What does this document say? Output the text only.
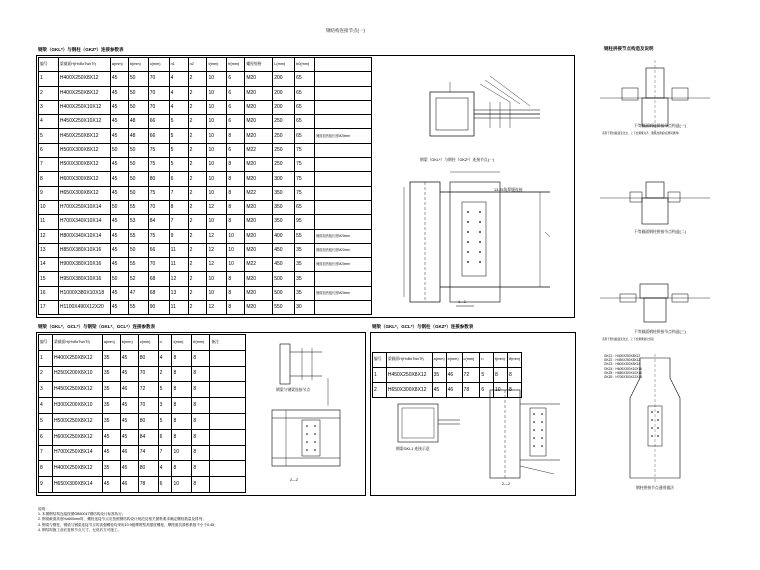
钢结构连接节点(一)
钢梁（GKL*）与钢柱（GKZ*）连接参数表
编号	梁截面H(HxBxTwxTf)	a(mm)	b(mm)	c(mm)	n1	n2	t(mm)	tf(mm)	螺栓规格	L(mm)	b0(mm)	
1	H400X250X8X12	45	50	70	4	2	10	6	M20	200	65	
2	H400X250X8X12	45	50	70	4	2	10	6	M20	200	65	
3	H400X250X10X12	45	50	70	4	2	10	6	M20	200	65	
4	H450X250X10X12	45	48	66	5	2	10	6	M20	250	65	
5	H450X250X8X12	45	48	66	5	2	10	8	M20	250	65	侧面加劲板长度M20mm
6	H500X300X8X12	50	50	75	5	2	10	6	M22	250	75	
7	H500X300X8X12	45	50	75	5	2	10	8	M20	250	75	
8	H600X300X8X12	45	50	80	6	2	10	8	M20	300	75	
9	H650X300X8X12	45	50	75	7	2	10	8	M22	350	75	
10	H700X250X10X14	50	55	70	8	2	12	8	M20	350	65	
11	H700X340X10X14	45	53	84	7	2	10	8	M20	350	95	
12	H800X340X10X14	45	55	75	9	2	12	10	M20	400	55	侧面加劲板长度M20mm
13	H850X380X10X16	45	50	66	11	2	12	10	M20	450	35	侧面加劲板长度M22mm
14	H900X380X10X16	45	55	70	11	2	12	10	M22	450	35	侧面加劲板长度M20mm
15	H950X380X10X16	50	52	68	12	2	10	8	M20	500	35	
16	H1000X380X10X18	45	47	68	13	2	10	8	M20	500	35	侧面加劲板长度M20mm
17	H1100X490X12X20	45	55	90	11	2	12	8	M20	550	30	
钢梁（GKL*）与钢柱（GKZ*）连接节点(一)
13.25角焊缝连接
1—1
钢梁（GKL*、GCL*）与钢梁（GKL*、GCL*）连接参数表
编号	梁截面H(HxBxTwxTf)	a(mm)	b(mm)	c(mm)	n	t(mm)	tf(mm)	备注
1	H400X250X8X12	35	45	80	4	8	8	
2	H250X200X6X10	35	45	70	2	8	8	
3	H450X250X8X12	35	46	72	5	8	8	
4	H300X200X6X10	35	45	70	3	8	8	
5	H500X250X8X12	35	45	80	5	8	8	
6	H600X250X8X12	45	45	84	6	8	8	
7	H700X250X8X14	45	46	74	7	10	8	
8	H400X250X8X12	35	45	80	4	8	8	
9	H650X300X8X14	45	46	78	6	10	8	
钢梁与钢梁连接节点
2—2
钢梁（GKL*、GCL*）与钢柱（GKZ*）连接参数表
编号	梁截面H(HxBxTwxTf)	a(mm)	b(mm)	c(mm)	n	t(mm)	tf(mm)
1	H450X250X8X12	35	46	72	5	8	8
2	H650X300X8X12	45	46	78	6	10	8
钢梁GKL1 连接示意
2—2
说明：
1. 本图钢结构连接按照GB50017钢结构设计标准执行；
2. 钢梁截面高度H≥600mm时，螺栓连接节点应按照钢结构设计规范及相关图集要求确定螺栓数量及排列；
3. 钢梁与钢柱、钢梁与钢梁连接节点的高强螺栓均采用10.9级摩擦型高强度螺栓，摩擦面抗滑移系数不小于0.45；
4. 钢结构施工前应复核节点尺寸，无误后方可施工。
钢柱拼接节点构造及说明
不等截面钢柱拼接节点构造(一)
适用于钢柱截面变化处，上下柱翼缘对齐，腹板加劲板(板厚同翼缘)
不等截面钢柱拼接节点构造(二)
不等截面钢柱拼接节点构造(三)
适用于钢柱截面变化处，上下柱翼缘错位连接
GKZ1：H400X250X8X12
GKZ2：H450X250X8X12
GKZ3：H500X300X8X14
GKZ4：H600X300X10X16
GKZ5：H650X300X10X16
GKZ6：H700X300X12X18
钢柱拼接节点通用做法
